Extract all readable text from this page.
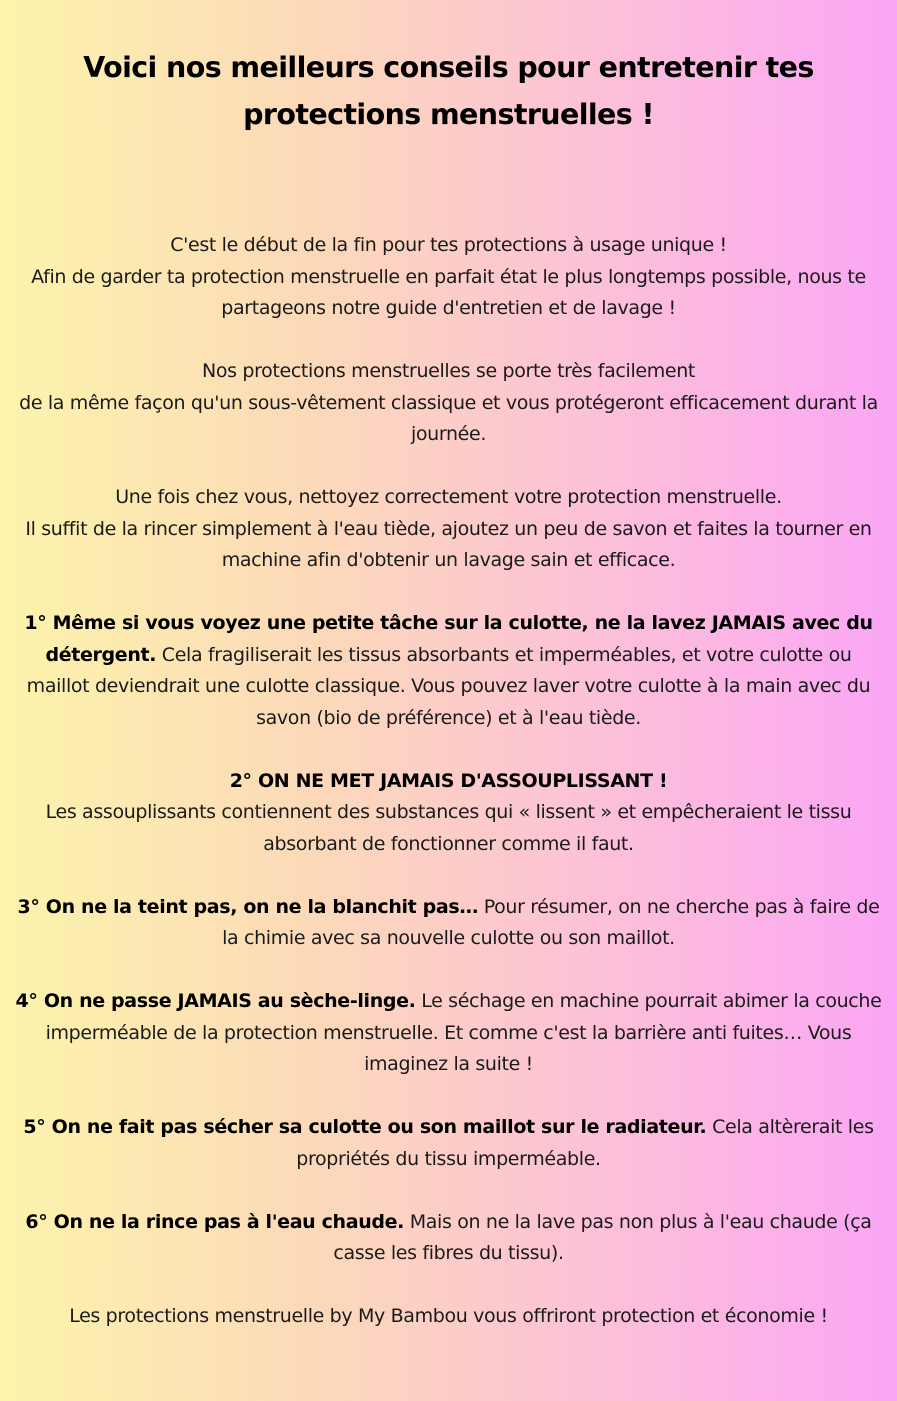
Voici nos meilleurs conseils pour entretenir tes
protections menstruelles !

C'est le début de la fin pour tes protections à usage unique !
Afin de garder ta protection menstruelle en parfait état le plus longtemps possible, nous te partageons notre guide d'entretien et de lavage !

Nos protections menstruelles se porte très facilement
de la même façon qu'un sous-vêtement classique et vous protégeront efficacement durant la journée.

Une fois chez vous, nettoyez correctement votre protection menstruelle.
Il suffit de la rincer simplement à l'eau tiède, ajoutez un peu de savon et faites la tourner en machine afin d'obtenir un lavage sain et efficace.

1° Même si vous voyez une petite tâche sur la culotte, ne la lavez JAMAIS avec du détergent. Cela fragiliserait les tissus absorbants et imperméables, et votre culotte ou maillot deviendrait une culotte classique. Vous pouvez laver votre culotte à la main avec du savon (bio de préférence) et à l'eau tiède.

2° ON NE MET JAMAIS D'ASSOUPLISSANT !
Les assouplissants contiennent des substances qui « lissent » et empêcheraient le tissu absorbant de fonctionner comme il faut.

3° On ne la teint pas, on ne la blanchit pas… Pour résumer, on ne cherche pas à faire de la chimie avec sa nouvelle culotte ou son maillot.

4° On ne passe JAMAIS au sèche-linge. Le séchage en machine pourrait abimer la couche imperméable de la protection menstruelle. Et comme c'est la barrière anti fuites… Vous imaginez la suite !

5° On ne fait pas sécher sa culotte ou son maillot sur le radiateur. Cela altèrerait les propriétés du tissu imperméable.

6° On ne la rince pas à l'eau chaude. Mais on ne la lave pas non plus à l'eau chaude (ça casse les fibres du tissu).

Les protections menstruelle by My Bambou vous offriront protection et économie !
